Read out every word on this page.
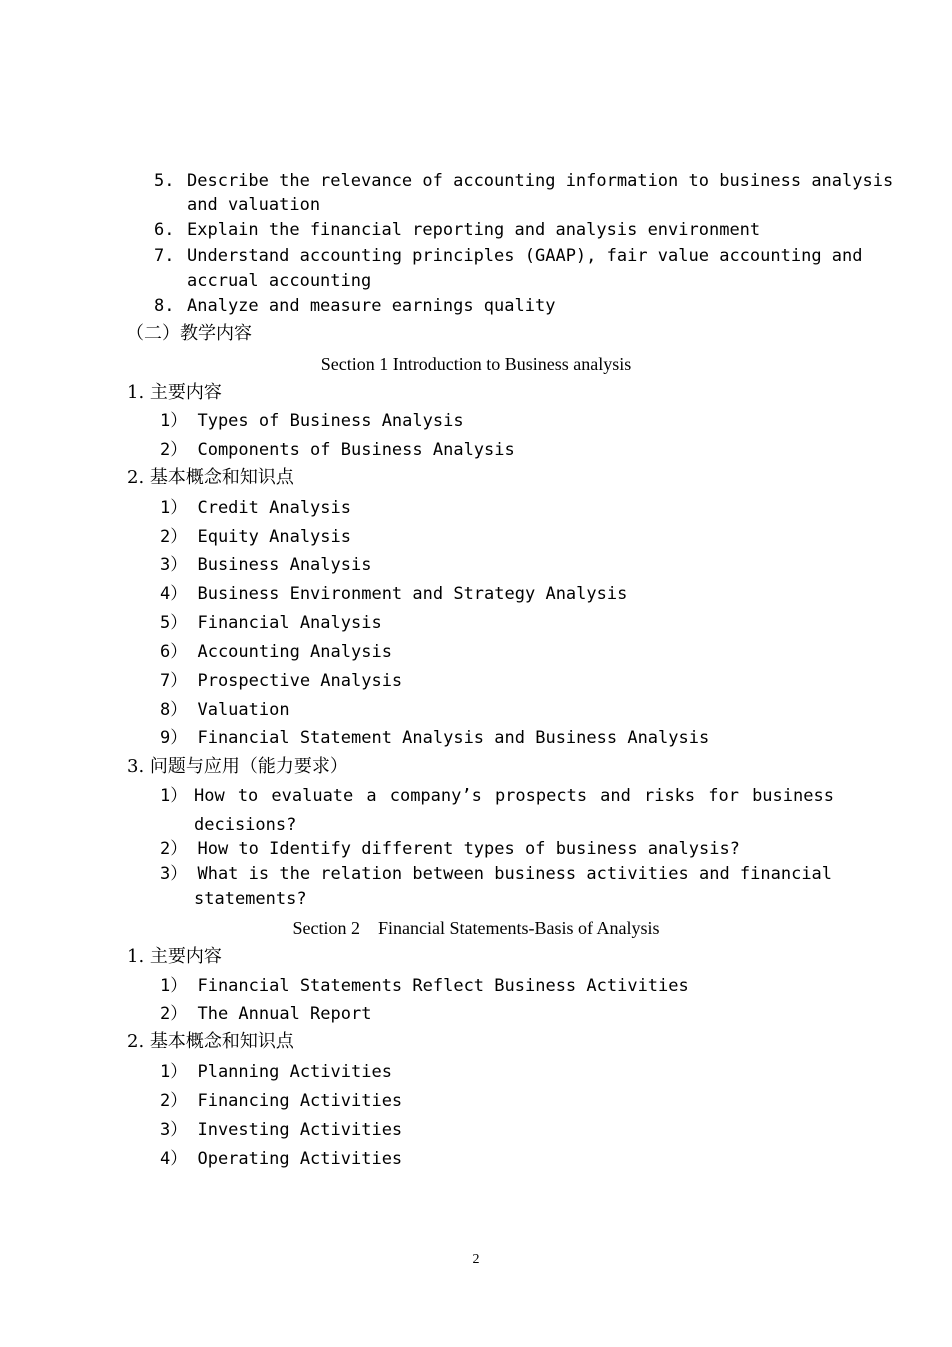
5. Describe the relevance of accounting information to business analysis
and valuation
6. Explain the financial reporting and analysis environment
7. Understand accounting principles (GAAP), fair value accounting and
accrual accounting
8. Analyze and measure earnings quality
（二）教学内容
Section 1 Introduction to Business analysis
1. 主要内容
1） Types of Business Analysis
2） Components of Business Analysis
2. 基本概念和知识点
1） Credit Analysis
2） Equity Analysis
3） Business Analysis
4） Business Environment and Strategy Analysis
5） Financial Analysis
6） Accounting Analysis
7） Prospective Analysis
8） Valuation
9） Financial Statement Analysis and Business Analysis
3. 问题与应用（能力要求）
1） How to evaluate a company’s prospects and risks for business
decisions?
2） How to Identify different types of business analysis?
3） What is the relation between business activities and financial
statements?
Section 2    Financial Statements-Basis of Analysis
1. 主要内容
1） Financial Statements Reflect Business Activities
2） The Annual Report
2. 基本概念和知识点
1） Planning Activities
2） Financing Activities
3） Investing Activities
4） Operating Activities
2
